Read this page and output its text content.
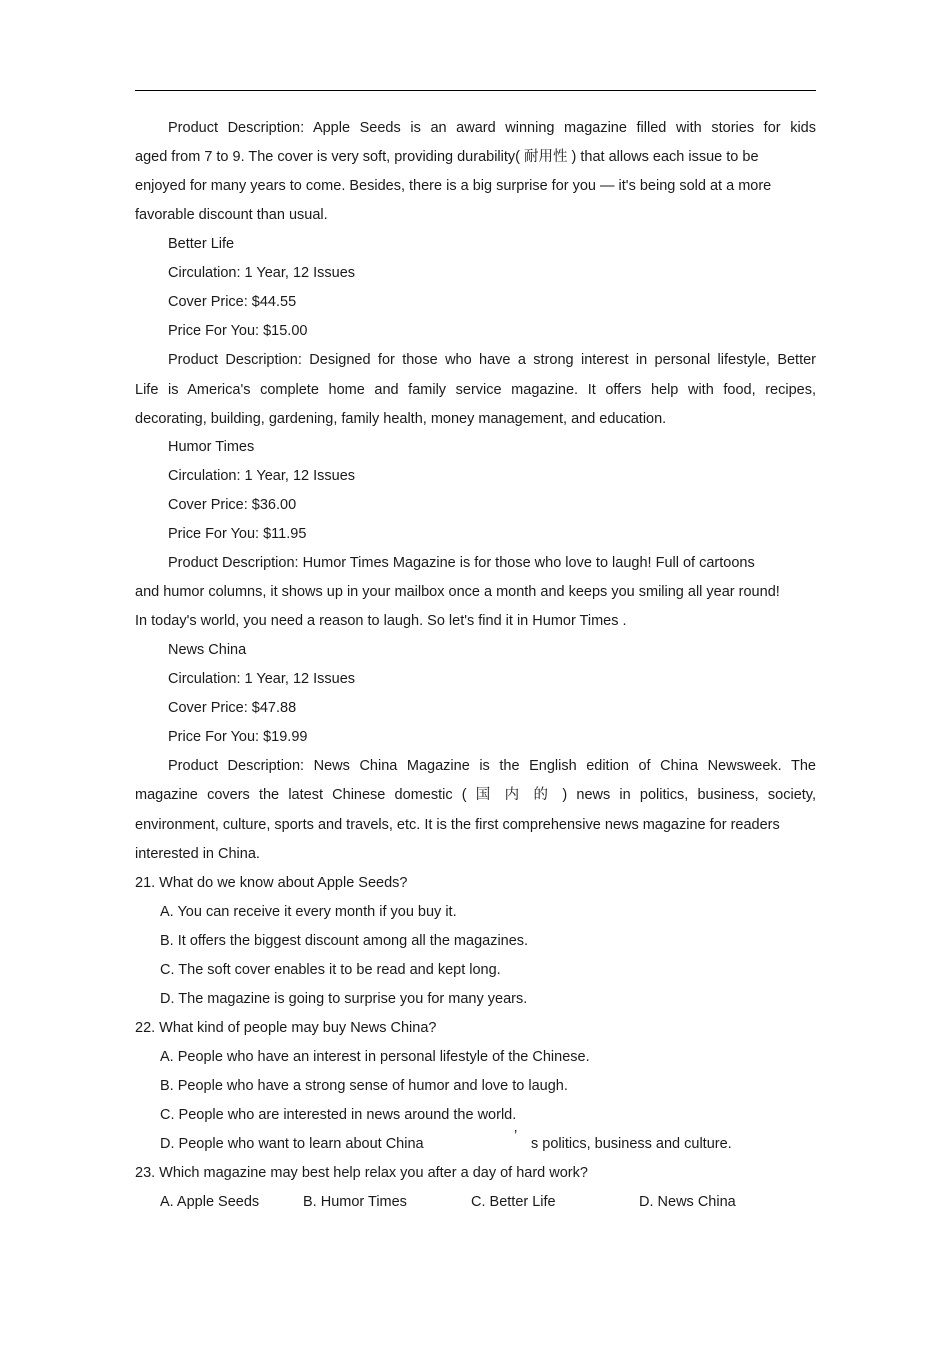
Product Description: Apple Seeds is an award winning magazine filled with stories for kids
aged from 7 to 9. The cover is very soft, providing durability( 耐用性 ) that allows each issue to be
enjoyed for many years to come. Besides, there is a big surprise for you — it's being sold at a more
favorable discount than usual.
Better Life
Circulation: 1 Year, 12 Issues
Cover Price: $44.55
Price For You: $15.00
Product Description: Designed for those who have a strong interest in personal lifestyle, Better
Life is America's complete home and family service magazine. It offers help with food, recipes,
decorating, building, gardening, family health, money management, and education.
Humor Times
Circulation: 1 Year, 12 Issues
Cover Price: $36.00
Price For You: $11.95
Product Description: Humor Times Magazine is for those who love to laugh! Full of cartoons
and humor columns, it shows up in your mailbox once a month and keeps you smiling all year round!
In today's world, you need a reason to laugh. So let's find it in Humor Times .
News China
Circulation: 1 Year, 12 Issues
Cover Price: $47.88
Price For You: $19.99
Product Description: News China Magazine is the English edition of China Newsweek. The
magazine covers the latest Chinese domestic ( 国 内 的 ) news in politics, business, society,
environment, culture, sports and travels, etc. It is the first comprehensive news magazine for readers
interested in China.
21. What do we know about Apple Seeds?
A. You can receive it every month if you buy it.
B. It offers the biggest discount among all the magazines.
C. The soft cover enables it to be read and kept long.
D. The magazine is going to surprise you for many years.
22. What kind of people may buy News China?
A. People who have an interest in personal lifestyle of the Chinese.
B. People who have a strong sense of humor and love to laugh.
C. People who are interested in news around the world.
D. People who want to learn about China	’ s politics, business and culture.
23. Which magazine may best help relax you after a day of hard work?
A. Apple Seeds	B. Humor Times	C. Better Life	D. News China
